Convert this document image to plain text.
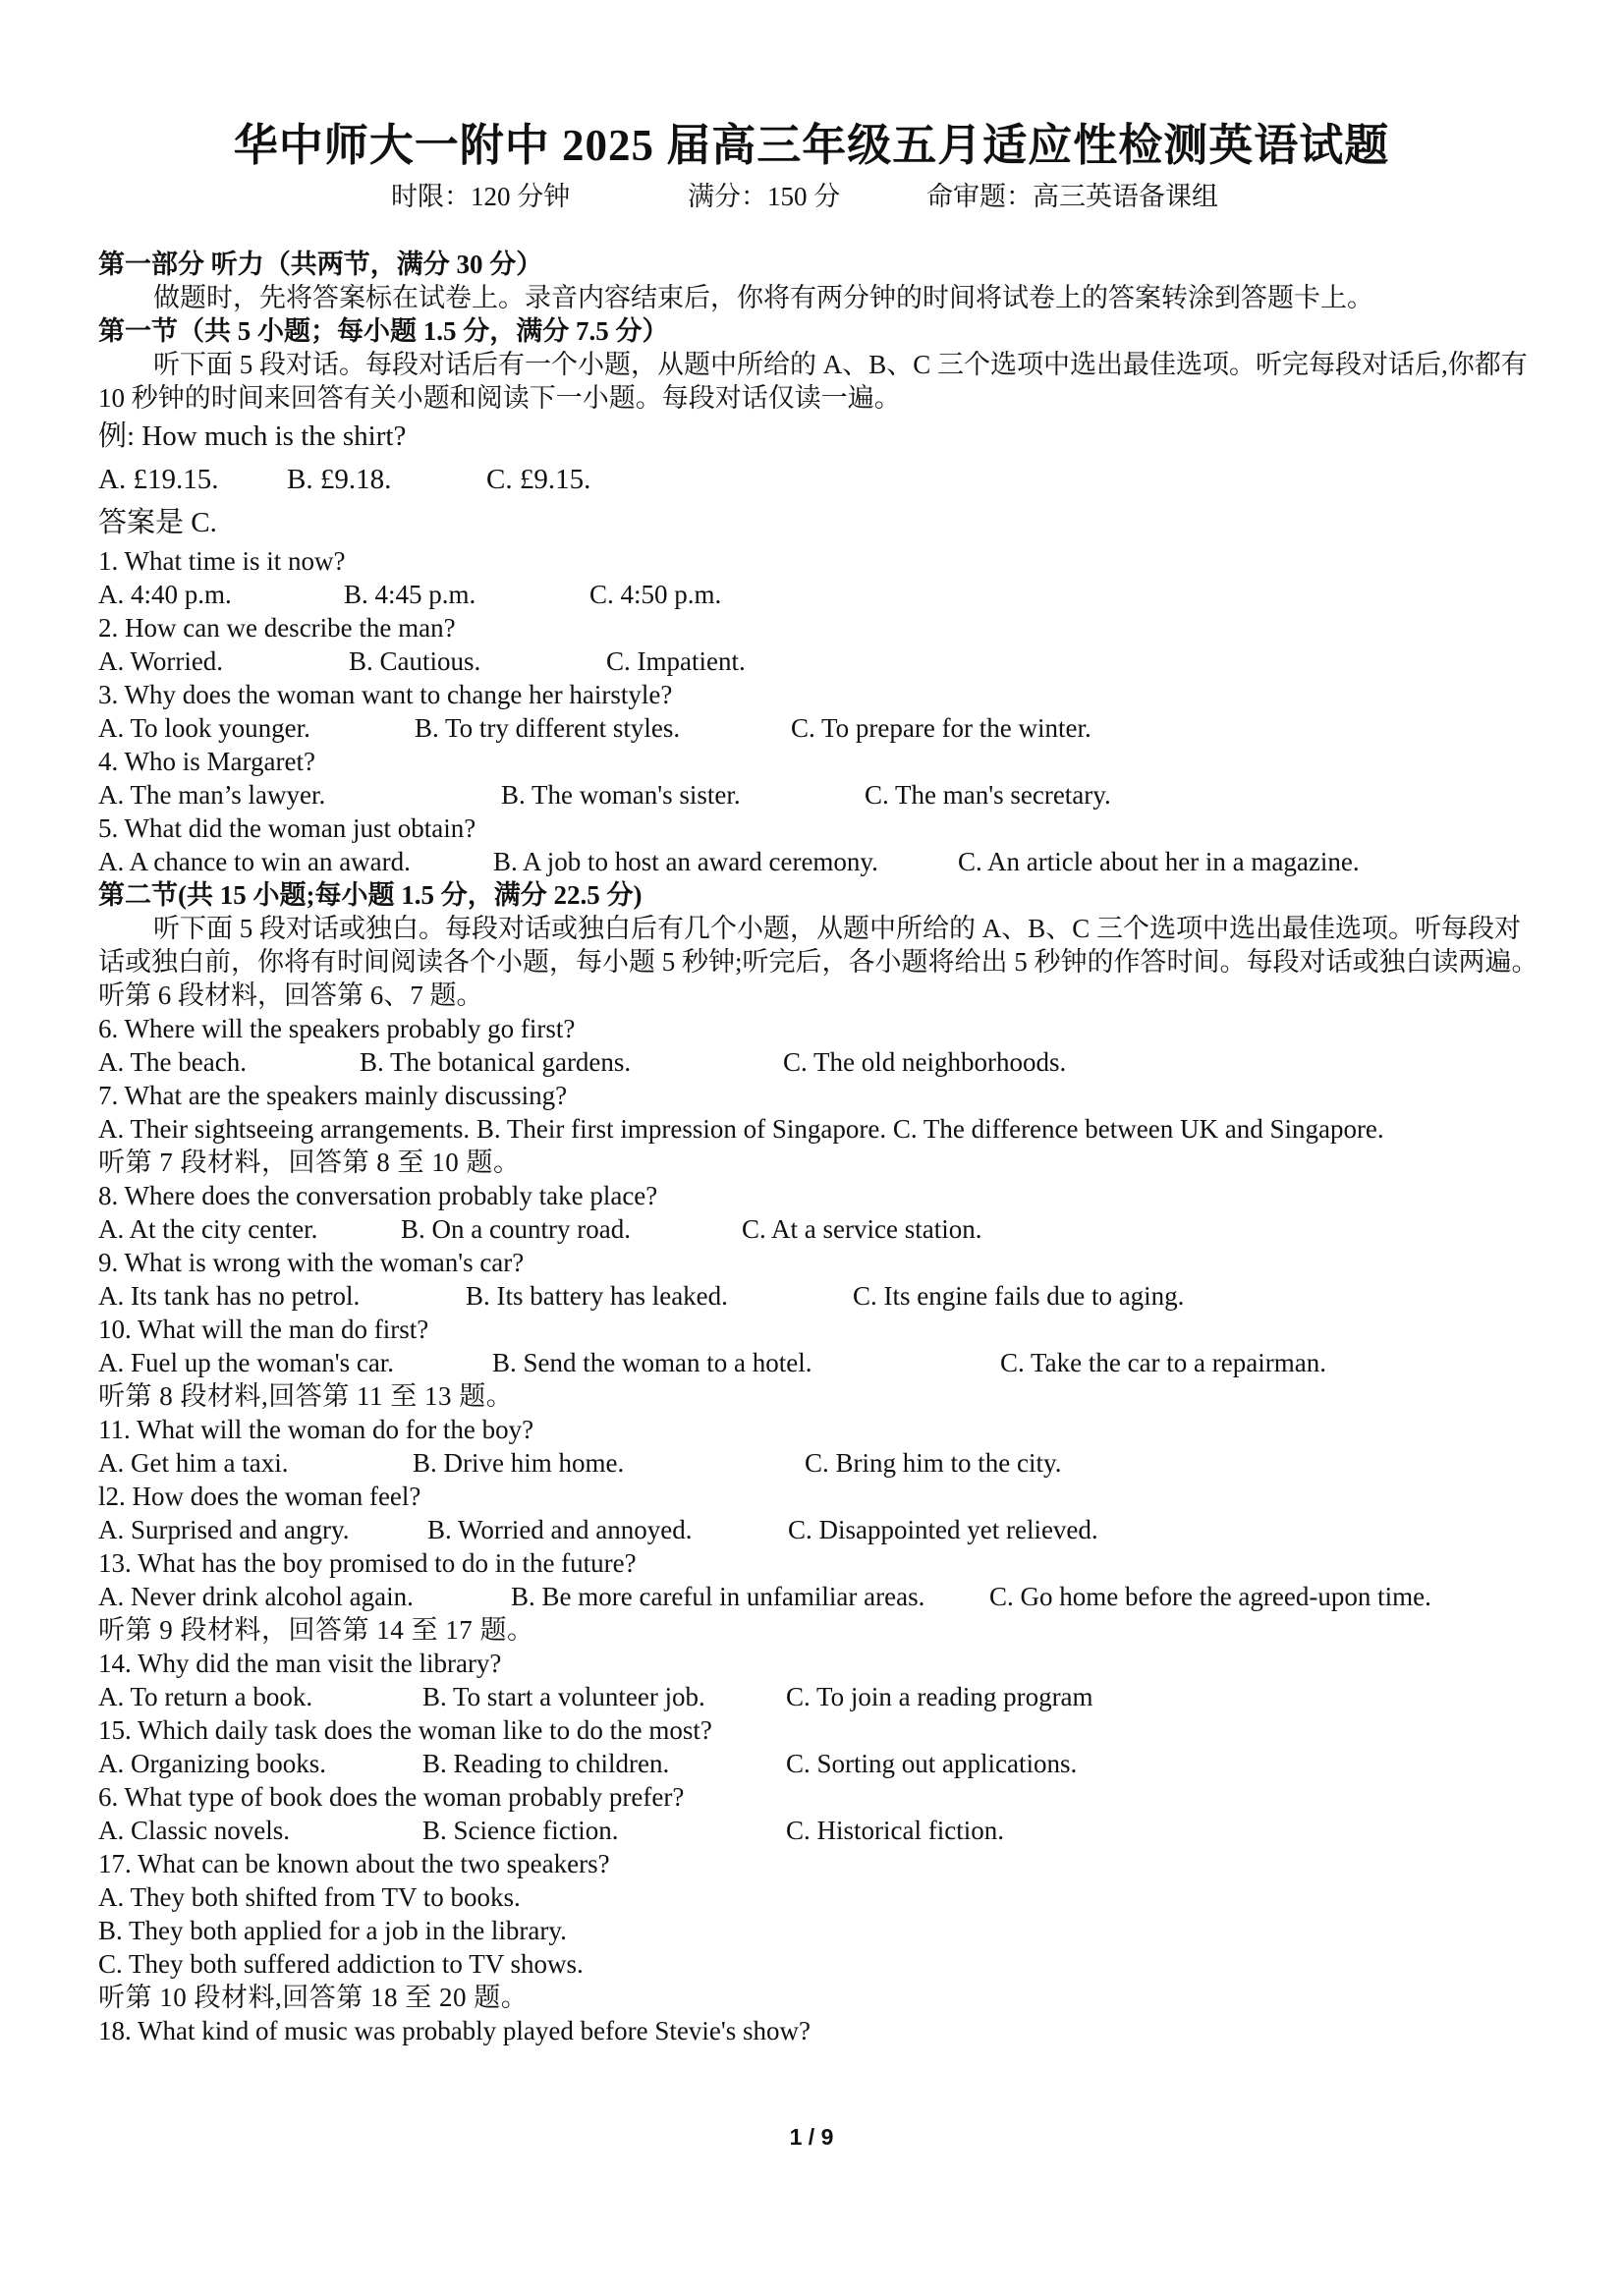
华中师大一附中 2025 届高三年级五月适应性检测英语试题
时限：120 分钟	满分：150 分	命审题：高三英语备课组
第一部分 听力（共两节，满分 30 分）
做题时，先将答案标在试卷上。录音内容结束后，你将有两分钟的时间将试卷上的答案转涂到答题卡上。
第一节（共 5 小题；每小题 1.5 分，满分 7.5 分）
听下面 5 段对话。每段对话后有一个小题，从题中所给的 A、B、C 三个选项中选出最佳选项。听完每段对话后,你都有 10 秒钟的时间来回答有关小题和阅读下一小题。每段对话仅读一遍。
例: How much is the shirt?
A. £19.15. B. £9.18.	C. £9.15.
答案是 C.
1. What time is it now?
A. 4:40 p.m.	B. 4:45 p.m.	C. 4:50 p.m.
2. How can we describe the man?
A. Worried.	B. Cautious.	C. Impatient.
3. Why does the woman want to change her hairstyle?
A. To look younger.	B. To try different styles.	C. To prepare for the winter.
4. Who is Margaret?
A. The man’s lawyer.	B. The woman's sister.	C. The man's secretary.
5. What did the woman just obtain?
A. A chance to win an award.	B. A job to host an award ceremony.	C. An article about her in a magazine.
第二节(共 15 小题;每小题 1.5 分，满分 22.5 分)
听下面 5 段对话或独白。每段对话或独白后有几个小题，从题中所给的 A、B、C 三个选项中选出最佳选项。听每段对话或独白前，你将有时间阅读各个小题，每小题 5 秒钟;听完后，各小题将给出 5 秒钟的作答时间。每段对话或独白读两遍。听第 6 段材料，回答第 6、7 题。
6. Where will the speakers probably go first?
A. The beach.	B. The botanical gardens.	C. The old neighborhoods.
7. What are the speakers mainly discussing?
A. Their sightseeing arrangements. B. Their first impression of Singapore. C. The difference between UK and Singapore.
听第 7 段材料，回答第 8 至 10 题。
8. Where does the conversation probably take place?
A. At the city center.	B. On a country road.	C. At a service station.
9. What is wrong with the woman's car?
A. Its tank has no petrol.	B. Its battery has leaked.	C. Its engine fails due to aging.
10. What will the man do first?
A. Fuel up the woman's car.	B. Send the woman to a hotel.	C. Take the car to a repairman.
听第 8 段材料,回答第 11 至 13 题。
11. What will the woman do for the boy?
A. Get him a taxi.	B. Drive him home.	C. Bring him to the city.
l2. How does the woman feel?
A. Surprised and angry.	B. Worried and annoyed.	C. Disappointed yet relieved.
13. What has the boy promised to do in the future?
A. Never drink alcohol again.	B. Be more careful in unfamiliar areas. C. Go home before the agreed-upon time.
听第 9 段材料，回答第 14 至 17 题。
14. Why did the man visit the library?
A. To return a book.	B. To start a volunteer job.	C. To join a reading program
15. Which daily task does the woman like to do the most?
A. Organizing books.	B. Reading to children.	C. Sorting out applications.
6. What type of book does the woman probably prefer?
A. Classic novels.	B. Science fiction.	C. Historical fiction.
17. What can be known about the two speakers?
A. They both shifted from TV to books.
B. They both applied for a job in the library.
C. They both suffered addiction to TV shows.
听第 10 段材料,回答第 18 至 20 题。
18. What kind of music was probably played before Stevie's show?
1 / 9
